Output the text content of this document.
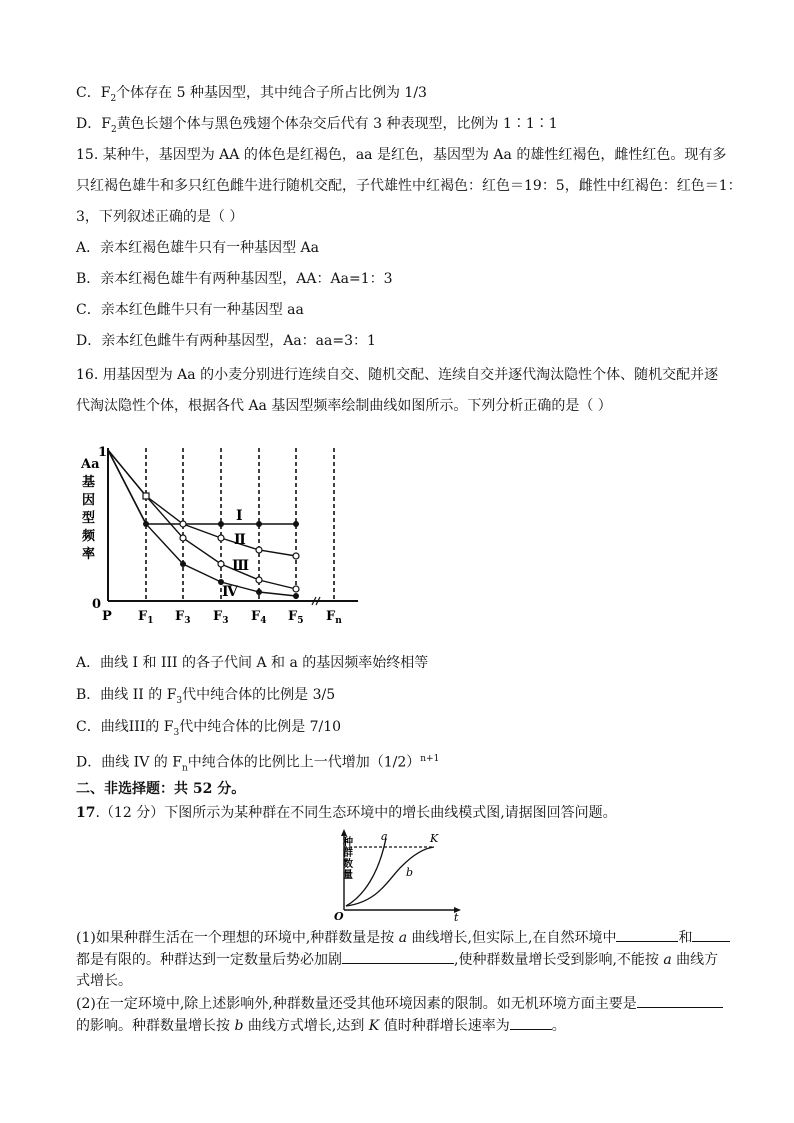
C．$F_2$个体存在 5 种基因型，其中纯合子所占比例为 1/3
D．$F_2$黄色长翅个体与黑色残翅个体杂交后代有 3 种表现型，比例为 1∶1∶1
15. 某种牛，基因型为 AA 的体色是红褐色，aa 是红色，基因型为 Aa 的雄性红褐色，雌性红色。现有多
只红褐色雄牛和多只红色雌牛进行随机交配，子代雄性中红褐色：红色＝19：5，雌性中红褐色：红色＝1：
3，下列叙述正确的是（ ）
A．亲本红褐色雄牛只有一种基因型 Aa
B．亲本红褐色雄牛有两种基因型，AA：Aa=1：3
C．亲本红色雌牛只有一种基因型 aa
D．亲本红色雌牛有两种基因型，Aa：aa=3：1
16. 用基因型为 Aa 的小麦分别进行连续自交、随机交配、连续自交并逐代淘汰隐性个体、随机交配并逐
代淘汰隐性个体，根据各代 Aa 基因型频率绘制曲线如图所示。下列分析正确的是（ ）
Aa
基
因
型
频
率
1
0
Ⅰ
Ⅱ
Ⅲ
Ⅳ
P $F_1$ $F_3$ $F_3$ $F_4$ $F_5$ $F_n$
A．曲线 I 和 III 的各子代间 A 和 a 的基因频率始终相等
B．曲线 II 的 $F_3$代中纯合体的比例是 3/5
C．曲线III的 $F_3$代中纯合体的比例是 7/10
D．曲线 IV 的 $F_n$中纯合体的比例比上一代增加$(1/2)^{n+1}$
二、非选择题：共 52 分。
17.（12 分）下图所示为某种群在不同生态环境中的增长曲线模式图,请据图回答问题。
种群数量	a
b
K
O	t
(1)如果种群生活在一个理想的环境中,种群数量是按 a 曲线增长,但实际上,在自然环境中	和
都是有限的。种群达到一定数量后势必加剧	,使种群数量增长受到影响,不能按 a 曲线方
式增长。
(2)在一定环境中,除上述影响外,种群数量还受其他环境因素的限制。如无机环境方面主要是
的影响。种群数量增长按 b 曲线方式增长,达到 K 值时种群增长速率为	。
